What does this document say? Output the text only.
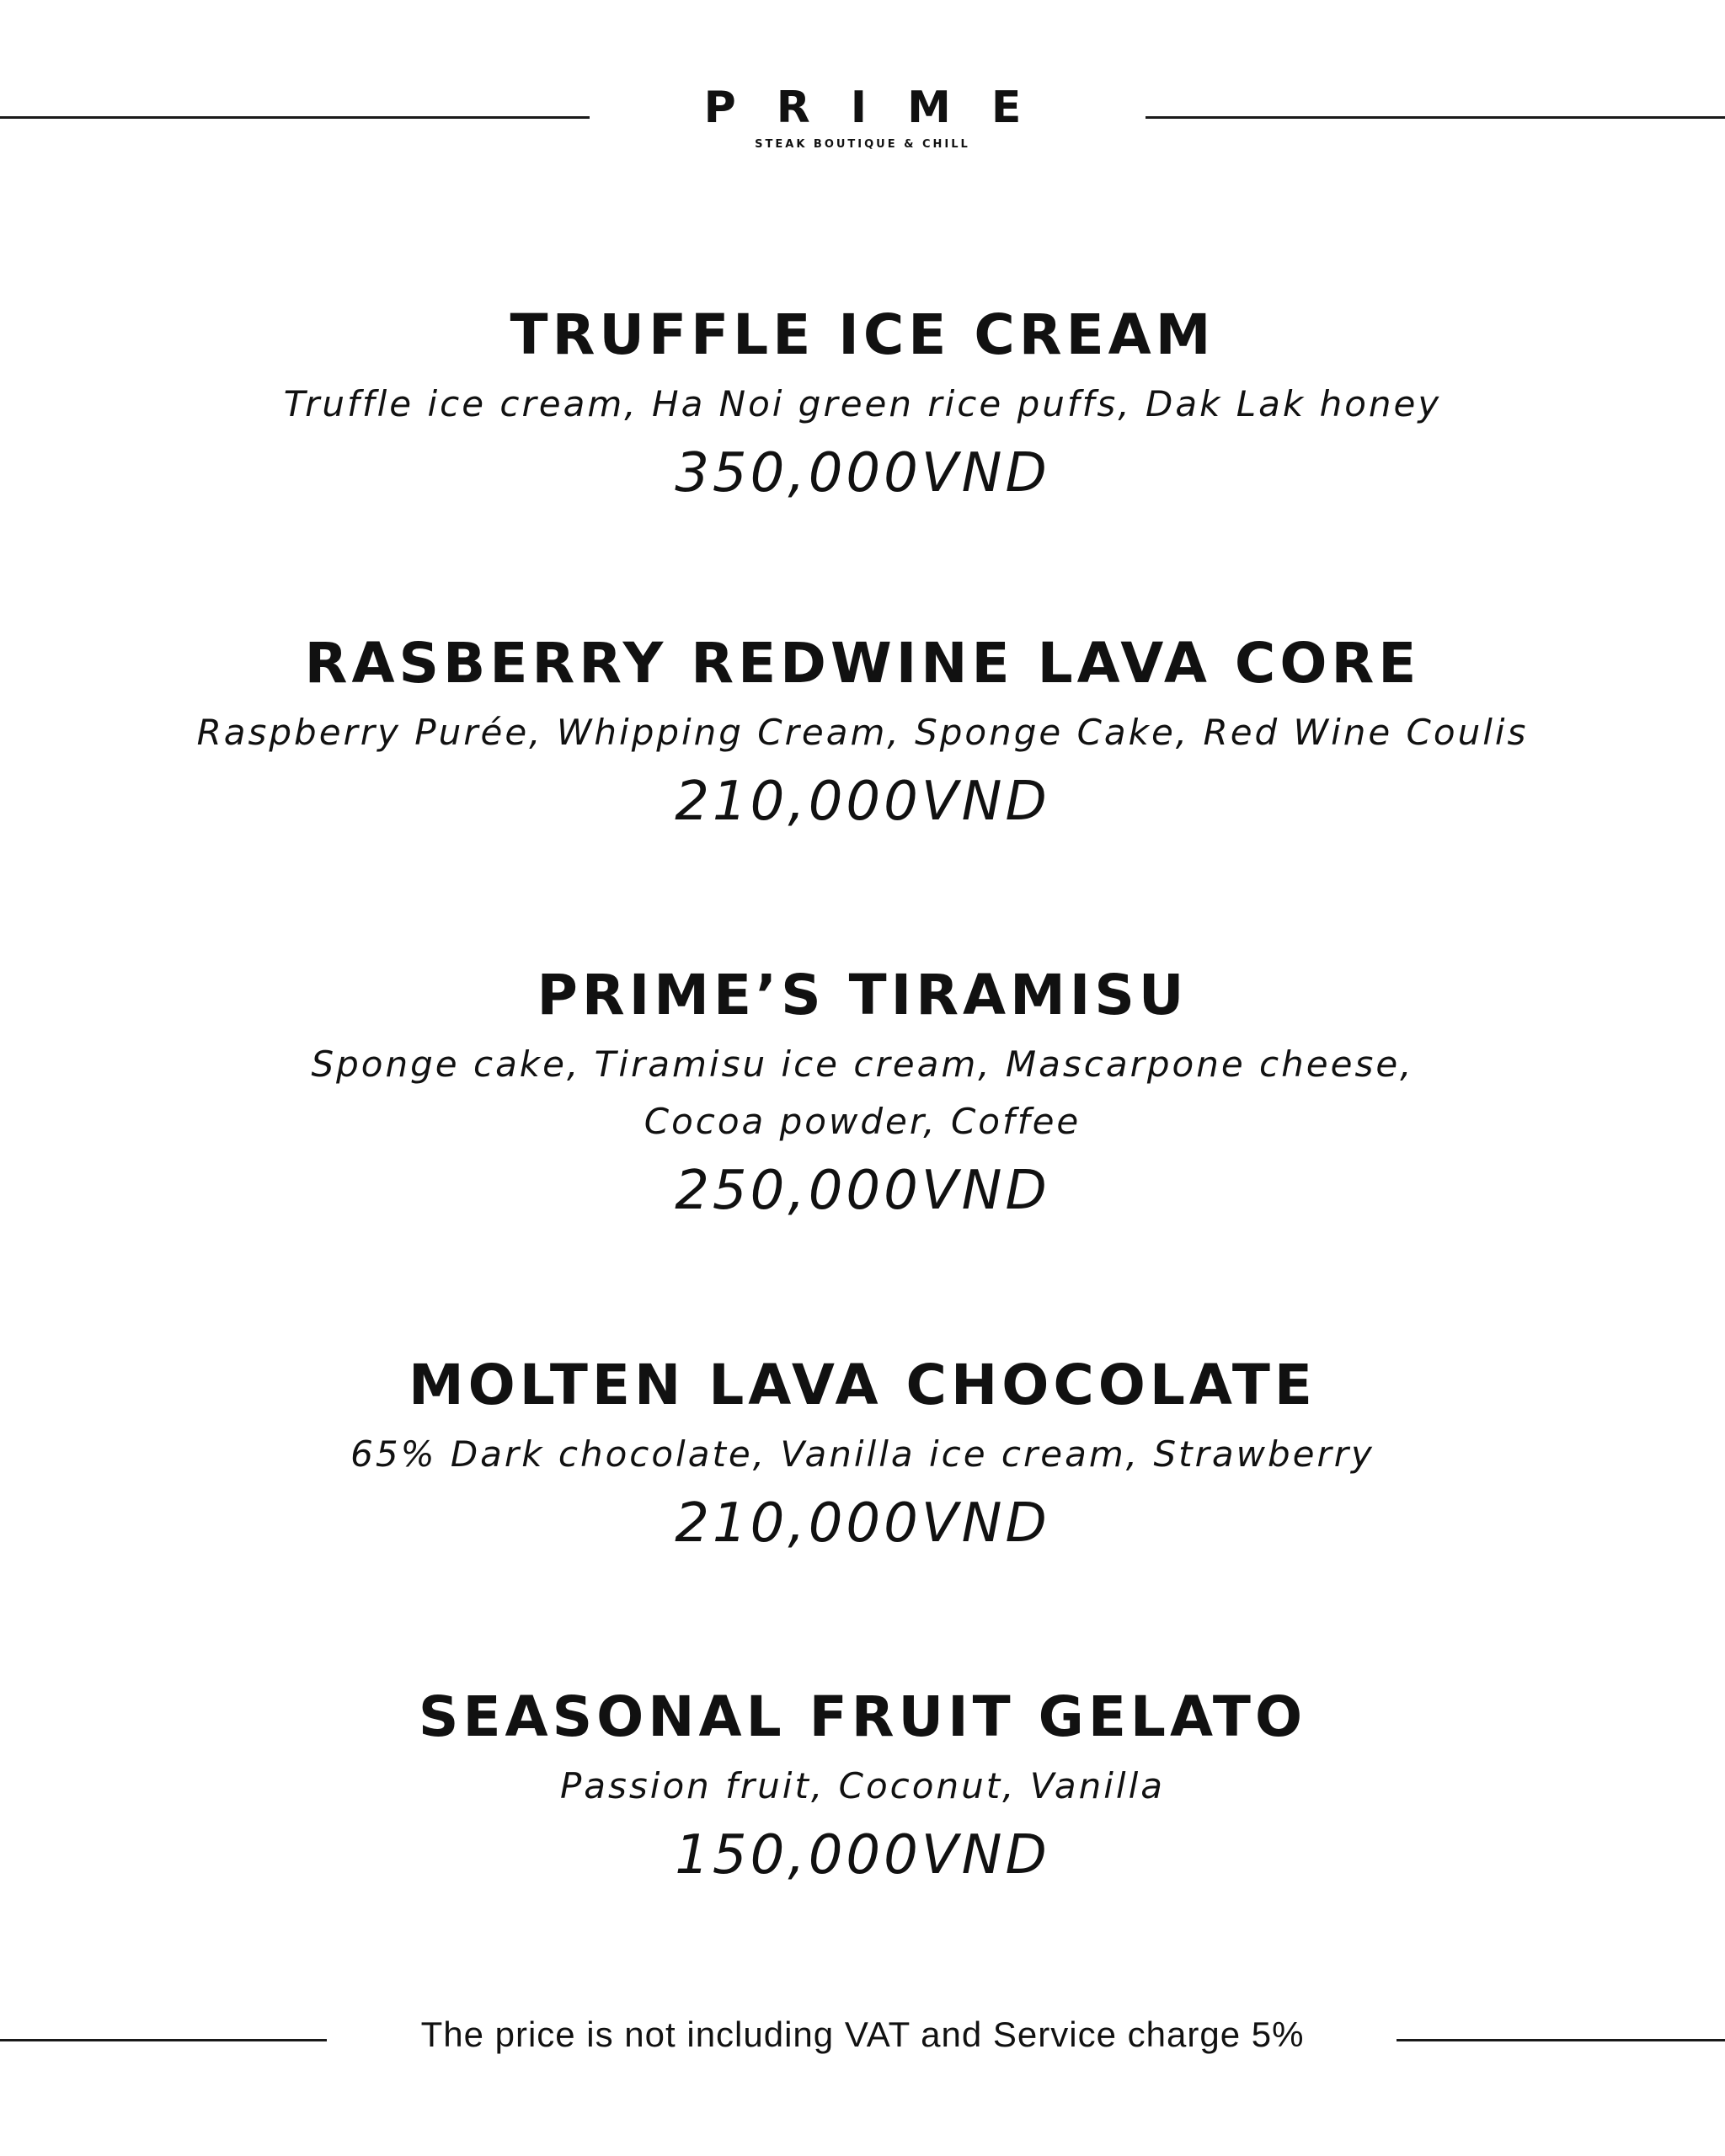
PRIME
STEAK BOUTIQUE & CHILL
TRUFFLE ICE CREAM
Truffle ice cream, Ha Noi green rice puffs, Dak Lak honey
350,000VND
RASBERRY REDWINE LAVA CORE
Raspberry Purée, Whipping Cream, Sponge Cake, Red Wine Coulis
210,000VND
PRIME’S TIRAMISU
Sponge cake, Tiramisu ice cream, Mascarpone cheese,
Cocoa powder, Coffee
250,000VND
MOLTEN LAVA CHOCOLATE
65% Dark chocolate, Vanilla ice cream, Strawberry
210,000VND
SEASONAL FRUIT GELATO
Passion fruit, Coconut, Vanilla
150,000VND
The price is not including VAT and Service charge 5%
